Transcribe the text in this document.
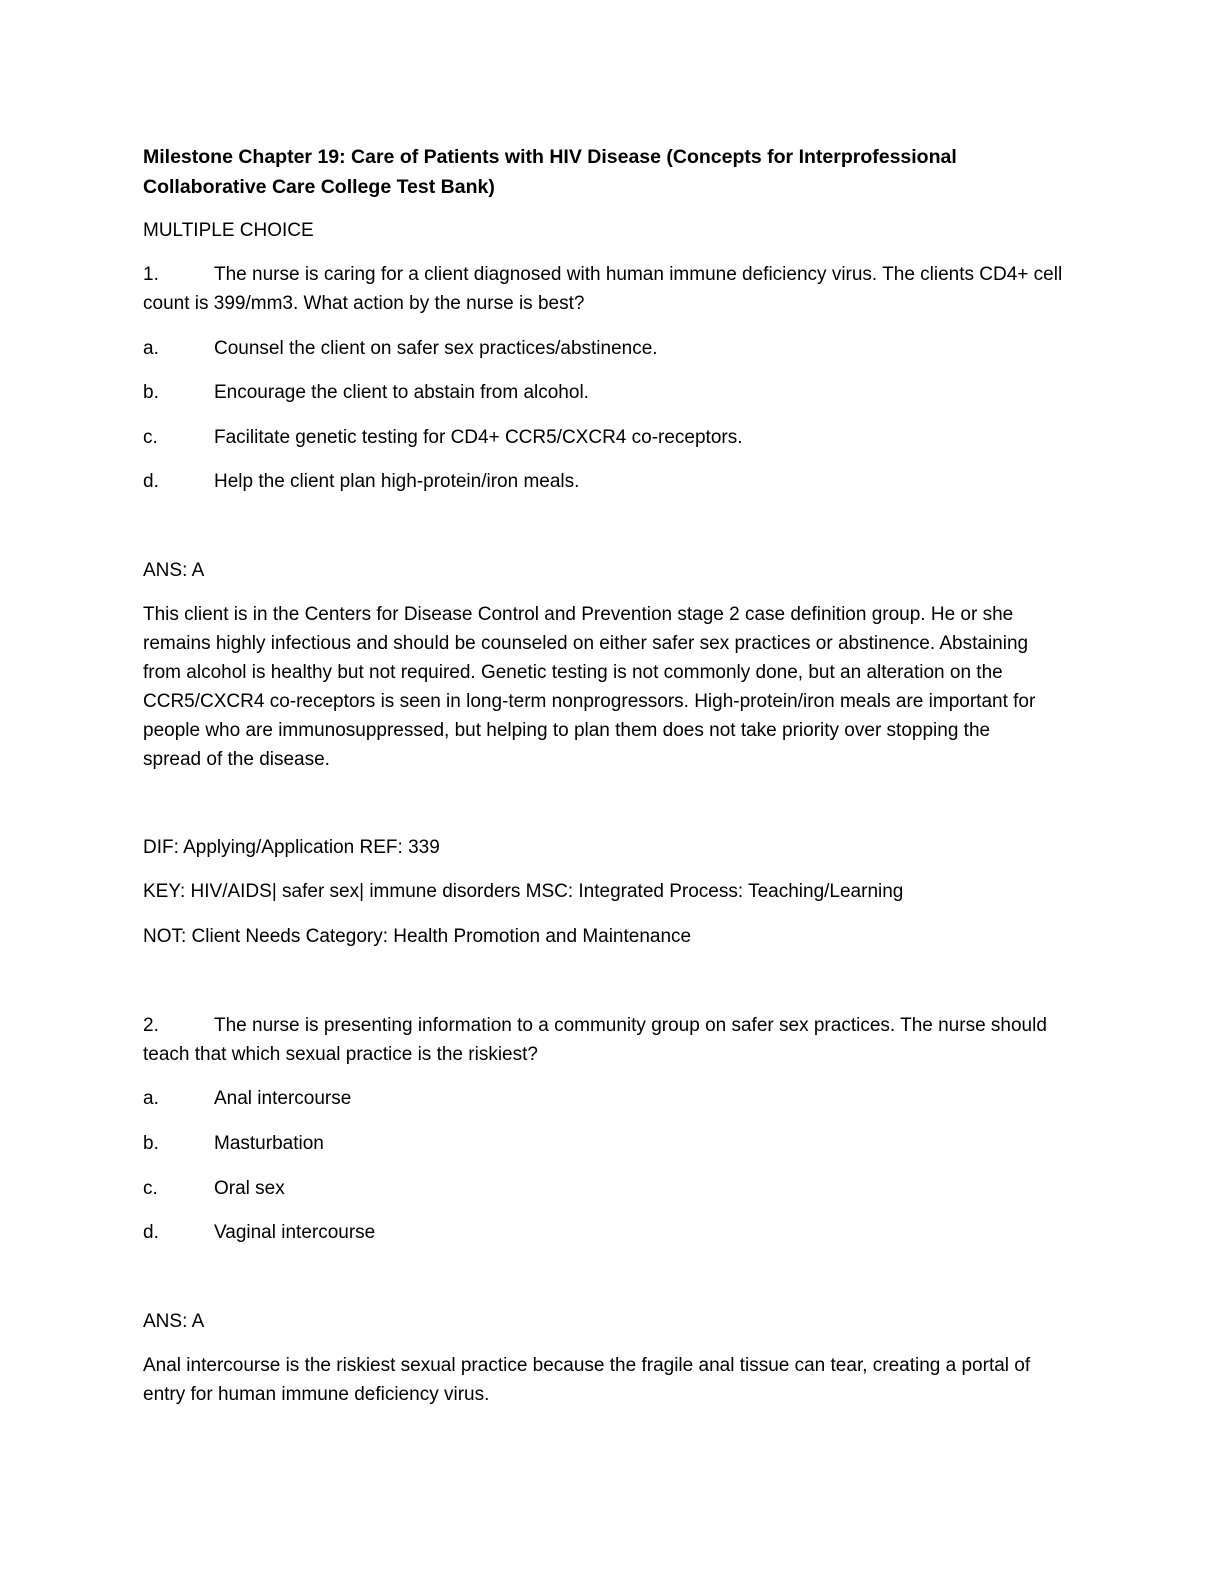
Milestone Chapter 19: Care of Patients with HIV Disease (Concepts for Interprofessional Collaborative Care College Test Bank)

MULTIPLE CHOICE

1.	The nurse is caring for a client diagnosed with human immune deficiency virus. The clients CD4+ cell count is 399/mm3. What action by the nurse is best?
a.	Counsel the client on safer sex practices/abstinence.
b.	Encourage the client to abstain from alcohol.
c.	Facilitate genetic testing for CD4+ CCR5/CXCR4 co-receptors.
d.	Help the client plan high-protein/iron meals.

ANS: A

This client is in the Centers for Disease Control and Prevention stage 2 case definition group. He or she remains highly infectious and should be counseled on either safer sex practices or abstinence. Abstaining from alcohol is healthy but not required. Genetic testing is not commonly done, but an alteration on the CCR5/CXCR4 co-receptors is seen in long-term nonprogressors. High-protein/iron meals are important for people who are immunosuppressed, but helping to plan them does not take priority over stopping the spread of the disease.

DIF: Applying/Application REF: 339

KEY: HIV/AIDS| safer sex| immune disorders MSC: Integrated Process: Teaching/Learning

NOT: Client Needs Category: Health Promotion and Maintenance

2.	The nurse is presenting information to a community group on safer sex practices. The nurse should teach that which sexual practice is the riskiest?
a.	Anal intercourse
b.	Masturbation
c.	Oral sex
d.	Vaginal intercourse

ANS: A

Anal intercourse is the riskiest sexual practice because the fragile anal tissue can tear, creating a portal of entry for human immune deficiency virus.
